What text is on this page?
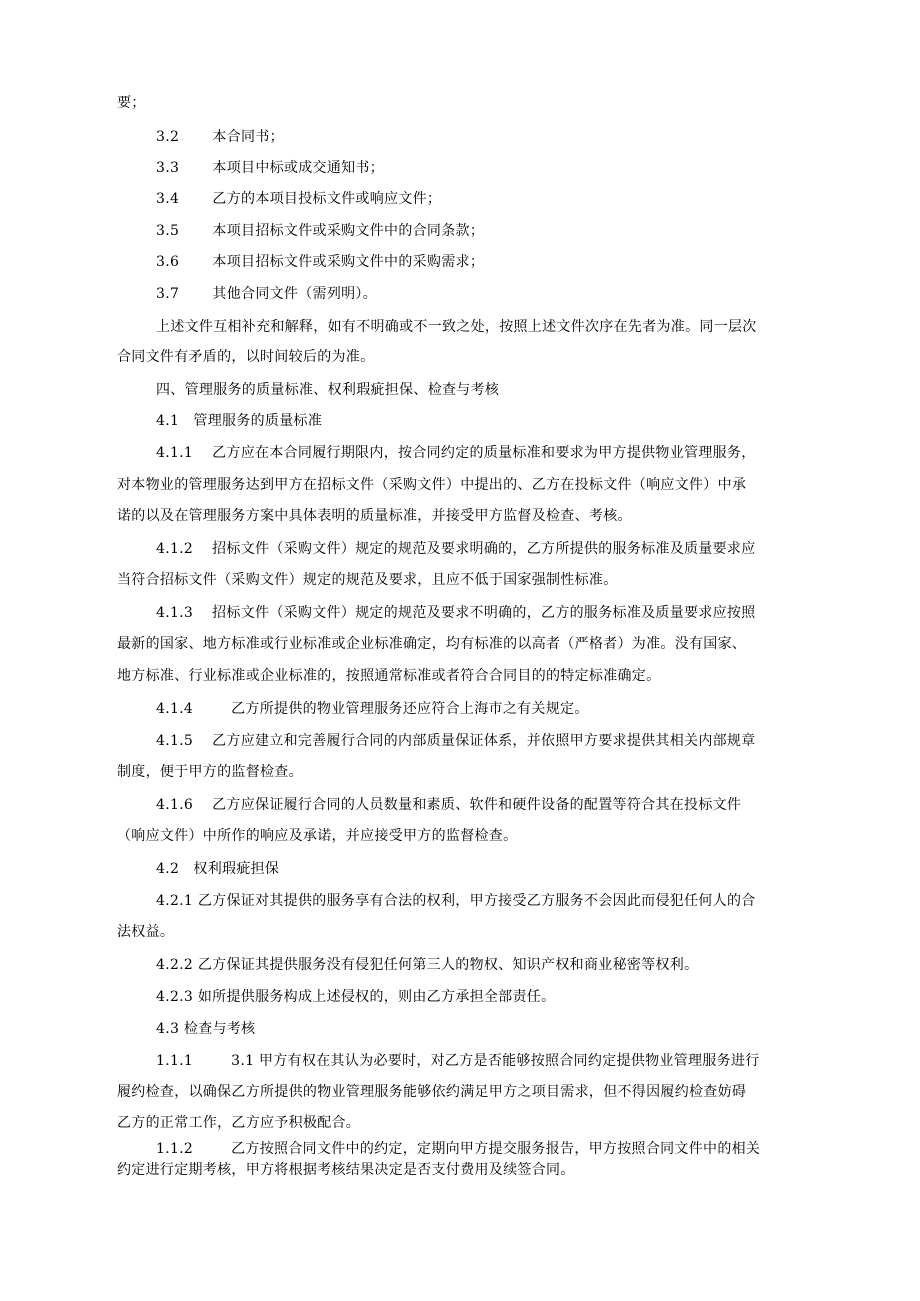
要；
3.2       本合同书；
3.3       本项目中标或成交通知书；
3.4       乙方的本项目投标文件或响应文件；
3.5       本项目招标文件或采购文件中的合同条款；
3.6       本项目招标文件或采购文件中的采购需求；
3.7       其他合同文件（需列明）。
上述文件互相补充和解释，如有不明确或不一致之处，按照上述文件次序在先者为准。同一层次
合同文件有矛盾的，以时间较后的为准。
四、管理服务的质量标准、权利瑕疵担保、检查与考核
4.1   管理服务的质量标准
4.1.1    乙方应在本合同履行期限内，按合同约定的质量标准和要求为甲方提供物业管理服务，
对本物业的管理服务达到甲方在招标文件（采购文件）中提出的、乙方在投标文件（响应文件）中承
诺的以及在管理服务方案中具体表明的质量标准，并接受甲方监督及检查、考核。
4.1.2    招标文件（采购文件）规定的规范及要求明确的，乙方所提供的服务标准及质量要求应
当符合招标文件（采购文件）规定的规范及要求，且应不低于国家强制性标准。
4.1.3    招标文件（采购文件）规定的规范及要求不明确的，乙方的服务标准及质量要求应按照
最新的国家、地方标准或行业标准或企业标准确定，均有标准的以高者（严格者）为准。没有国家、
地方标准、行业标准或企业标准的，按照通常标准或者符合合同目的的特定标准确定。
4.1.4        乙方所提供的物业管理服务还应符合上海市之有关规定。
4.1.5    乙方应建立和完善履行合同的内部质量保证体系，并依照甲方要求提供其相关内部规章
制度，便于甲方的监督检查。
4.1.6    乙方应保证履行合同的人员数量和素质、软件和硬件设备的配置等符合其在投标文件
（响应文件）中所作的响应及承诺，并应接受甲方的监督检查。
4.2   权利瑕疵担保
4.2.1 乙方保证对其提供的服务享有合法的权利，甲方接受乙方服务不会因此而侵犯任何人的合
法权益。
4.2.2 乙方保证其提供服务没有侵犯任何第三人的物权、知识产权和商业秘密等权利。
4.2.3 如所提供服务构成上述侵权的，则由乙方承担全部责任。
4.3 检查与考核
1.1.1        3.1 甲方有权在其认为必要时，对乙方是否能够按照合同约定提供物业管理服务进行
履约检查，以确保乙方所提供的物业管理服务能够依约满足甲方之项目需求，但不得因履约检查妨碍
乙方的正常工作，乙方应予积极配合。
1.1.2        乙方按照合同文件中的约定，定期向甲方提交服务报告，甲方按照合同文件中的相关
约定进行定期考核，甲方将根据考核结果决定是否支付费用及续签合同。
